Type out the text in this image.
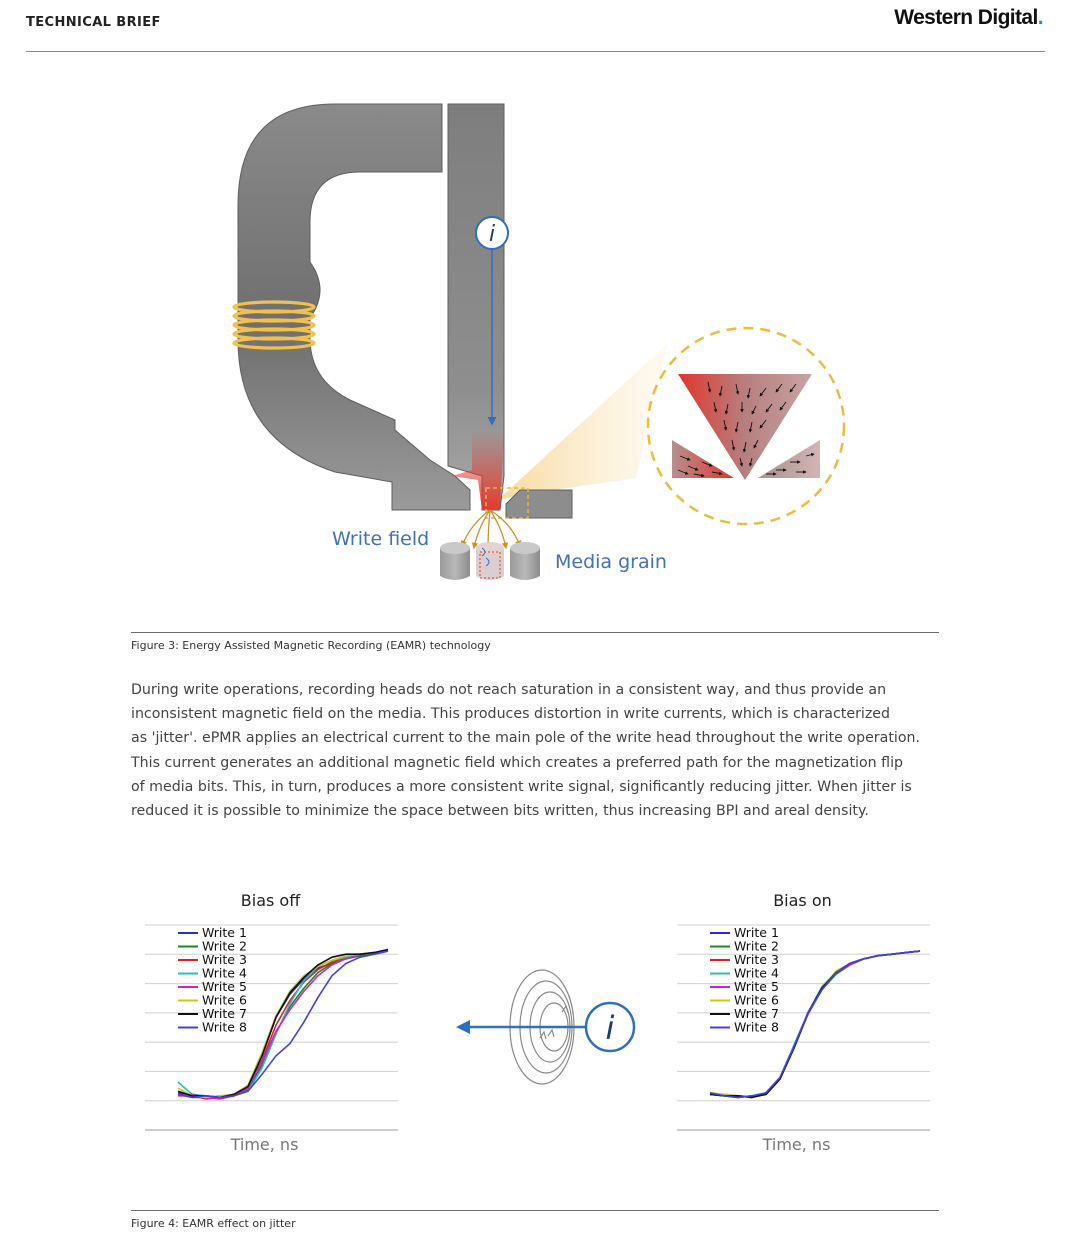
TECHNICAL BRIEF	Western Digital.
i
Write field
Media grain
Figure 3: Energy Assisted Magnetic Recording (EAMR) technology
During write operations, recording heads do not reach saturation in a consistent way, and thus provide an
inconsistent magnetic field on the media. This produces distortion in write currents, which is characterized
as 'jitter'. ePMR applies an electrical current to the main pole of the write head throughout the write operation.
This current generates an additional magnetic field which creates a preferred path for the magnetization flip
of media bits. This, in turn, produces a more consistent write signal, significantly reducing jitter. When jitter is
reduced it is possible to minimize the space between bits written, thus increasing BPI and areal density.
Bias off
Write 1
Write 2
Write 3
Write 4
Write 5
Write 6
Write 7
Write 8
Time, ns
Bias on
Write 1
Write 2
Write 3
Write 4
Write 5
Write 6
Write 7
Write 8
Time, ns
i
Figure 4: EAMR effect on jitter
